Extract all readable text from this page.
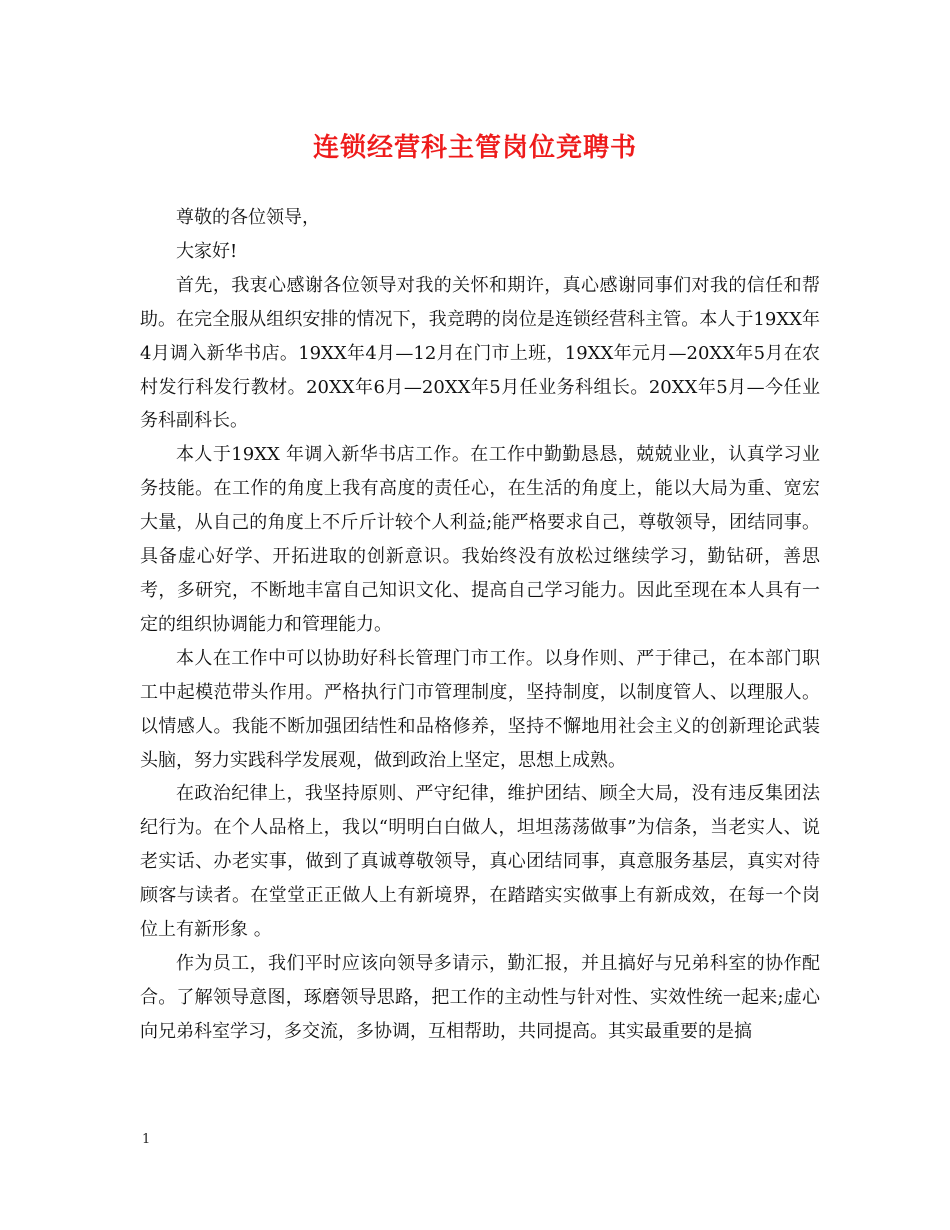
连锁经营科主管岗位竞聘书

尊敬的各位领导，

大家好!

首先，我衷心感谢各位领导对我的关怀和期许，真心感谢同事们对我的信任和帮助。在完全服从组织安排的情况下，我竞聘的岗位是连锁经营科主管。本人于19XX年4月调入新华书店。19XX年4月—12月在门市上班，19XX年元月—20XX年5月在农村发行科发行教材。20XX年6月—20XX年5月任业务科组长。20XX年5月—今任业务科副科长。

本人于19XX 年调入新华书店工作。在工作中勤勤恳恳，兢兢业业，认真学习业务技能。在工作的角度上我有高度的责任心，在生活的角度上，能以大局为重、宽宏大量，从自己的角度上不斤斤计较个人利益;能严格要求自己，尊敬领导，团结同事。具备虚心好学、开拓进取的创新意识。我始终没有放松过继续学习，勤钻研，善思考，多研究，不断地丰富自己知识文化、提高自己学习能力。因此至现在本人具有一定的组织协调能力和管理能力。

本人在工作中可以协助好科长管理门市工作。以身作则、严于律己，在本部门职工中起模范带头作用。严格执行门市管理制度，坚持制度，以制度管人、以理服人。以情感人。我能不断加强团结性和品格修养，坚持不懈地用社会主义的创新理论武装头脑，努力实践科学发展观，做到政治上坚定，思想上成熟。

在政治纪律上，我坚持原则、严守纪律，维护团结、顾全大局，没有违反集团法纪行为。在个人品格上，我以“明明白白做人，坦坦荡荡做事”为信条，当老实人、说老实话、办老实事，做到了真诚尊敬领导，真心团结同事，真意服务基层，真实对待顾客与读者。在堂堂正正做人上有新境界，在踏踏实实做事上有新成效，在每一个岗位上有新形象 。

作为员工，我们平时应该向领导多请示，勤汇报，并且搞好与兄弟科室的协作配合。了解领导意图，琢磨领导思路，把工作的主动性与针对性、实效性统一起来;虚心向兄弟科室学习，多交流，多协调，互相帮助，共同提高。其实最重要的是搞

1
